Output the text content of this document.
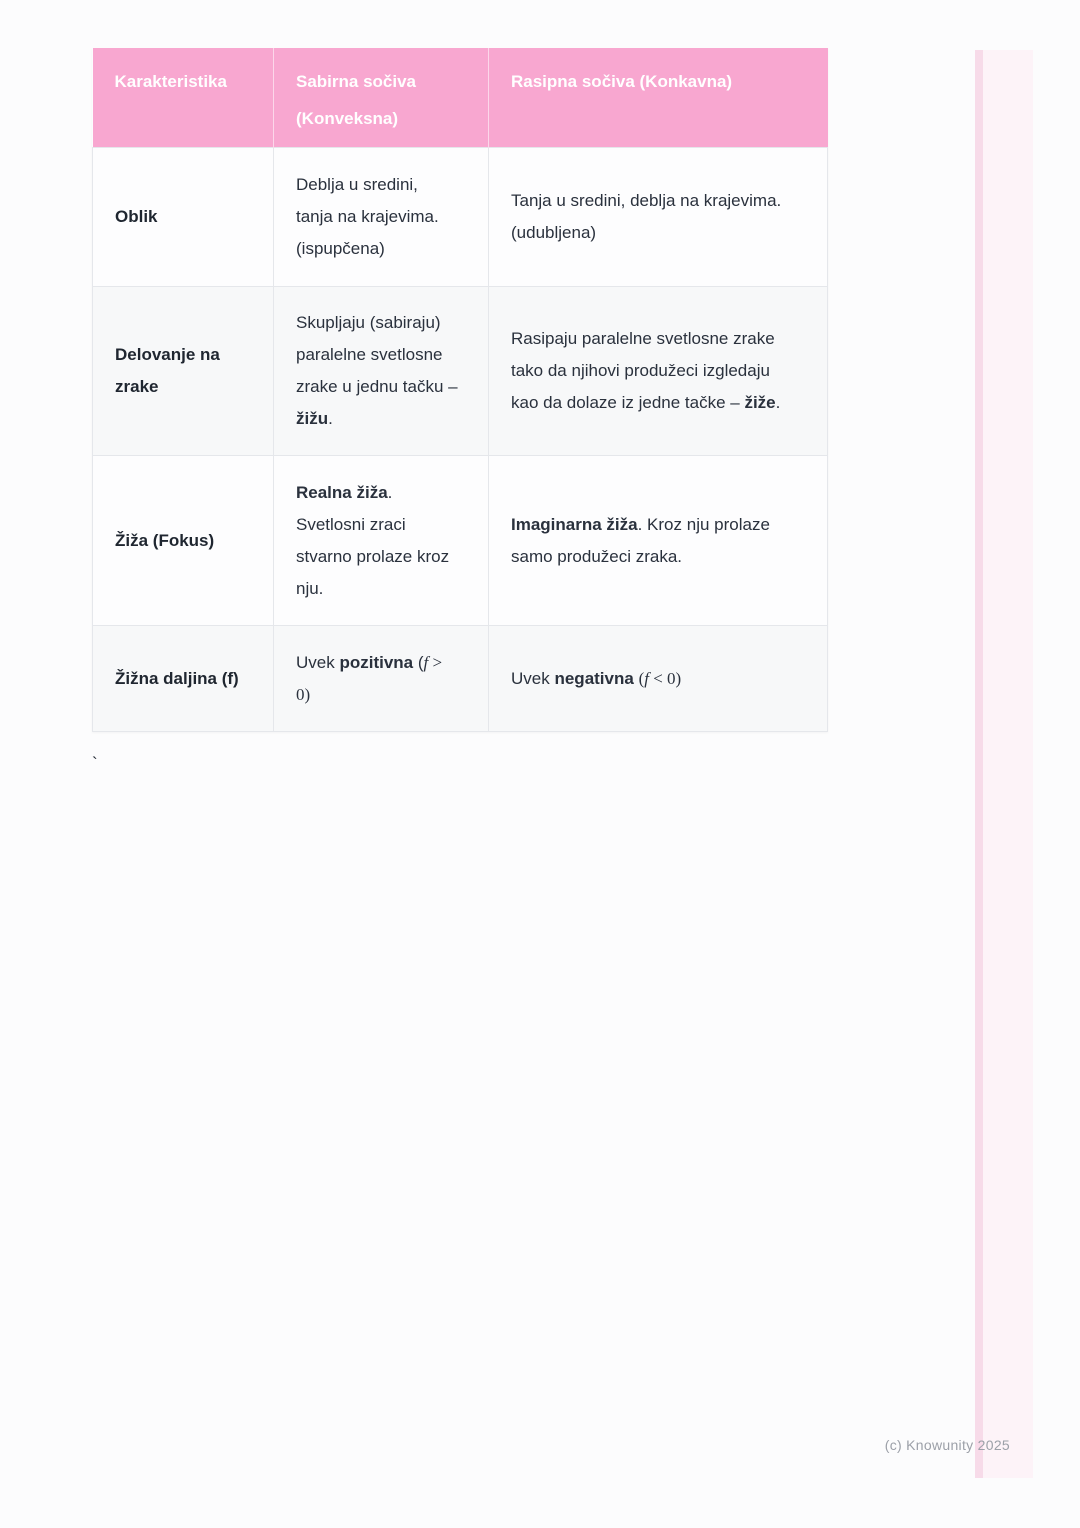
Karakteristika	Sabirna sočiva (Konveksna)	Rasipna sočiva (Konkavna)
Oblik	Deblja u sredini, tanja na krajevima. (ispupčena)	Tanja u sredini, deblja na krajevima. (udubljena)
Delovanje na zrake	Skupljaju (sabiraju) paralelne svetlosne zrake u jednu tačku – žižu.	Rasipaju paralelne svetlosne zrake tako da njihovi produžeci izgledaju kao da dolaze iz jedne tačke – žiže.
Žiža (Fokus)	Realna žiža. Svetlosni zraci stvarno prolaze kroz nju.	Imaginarna žiža. Kroz nju prolaze samo produžeci zraka.
Žižna daljina (f)	Uvek pozitivna (f > 0)	Uvek negativna (f < 0)
`
(c) Knowunity 2025
